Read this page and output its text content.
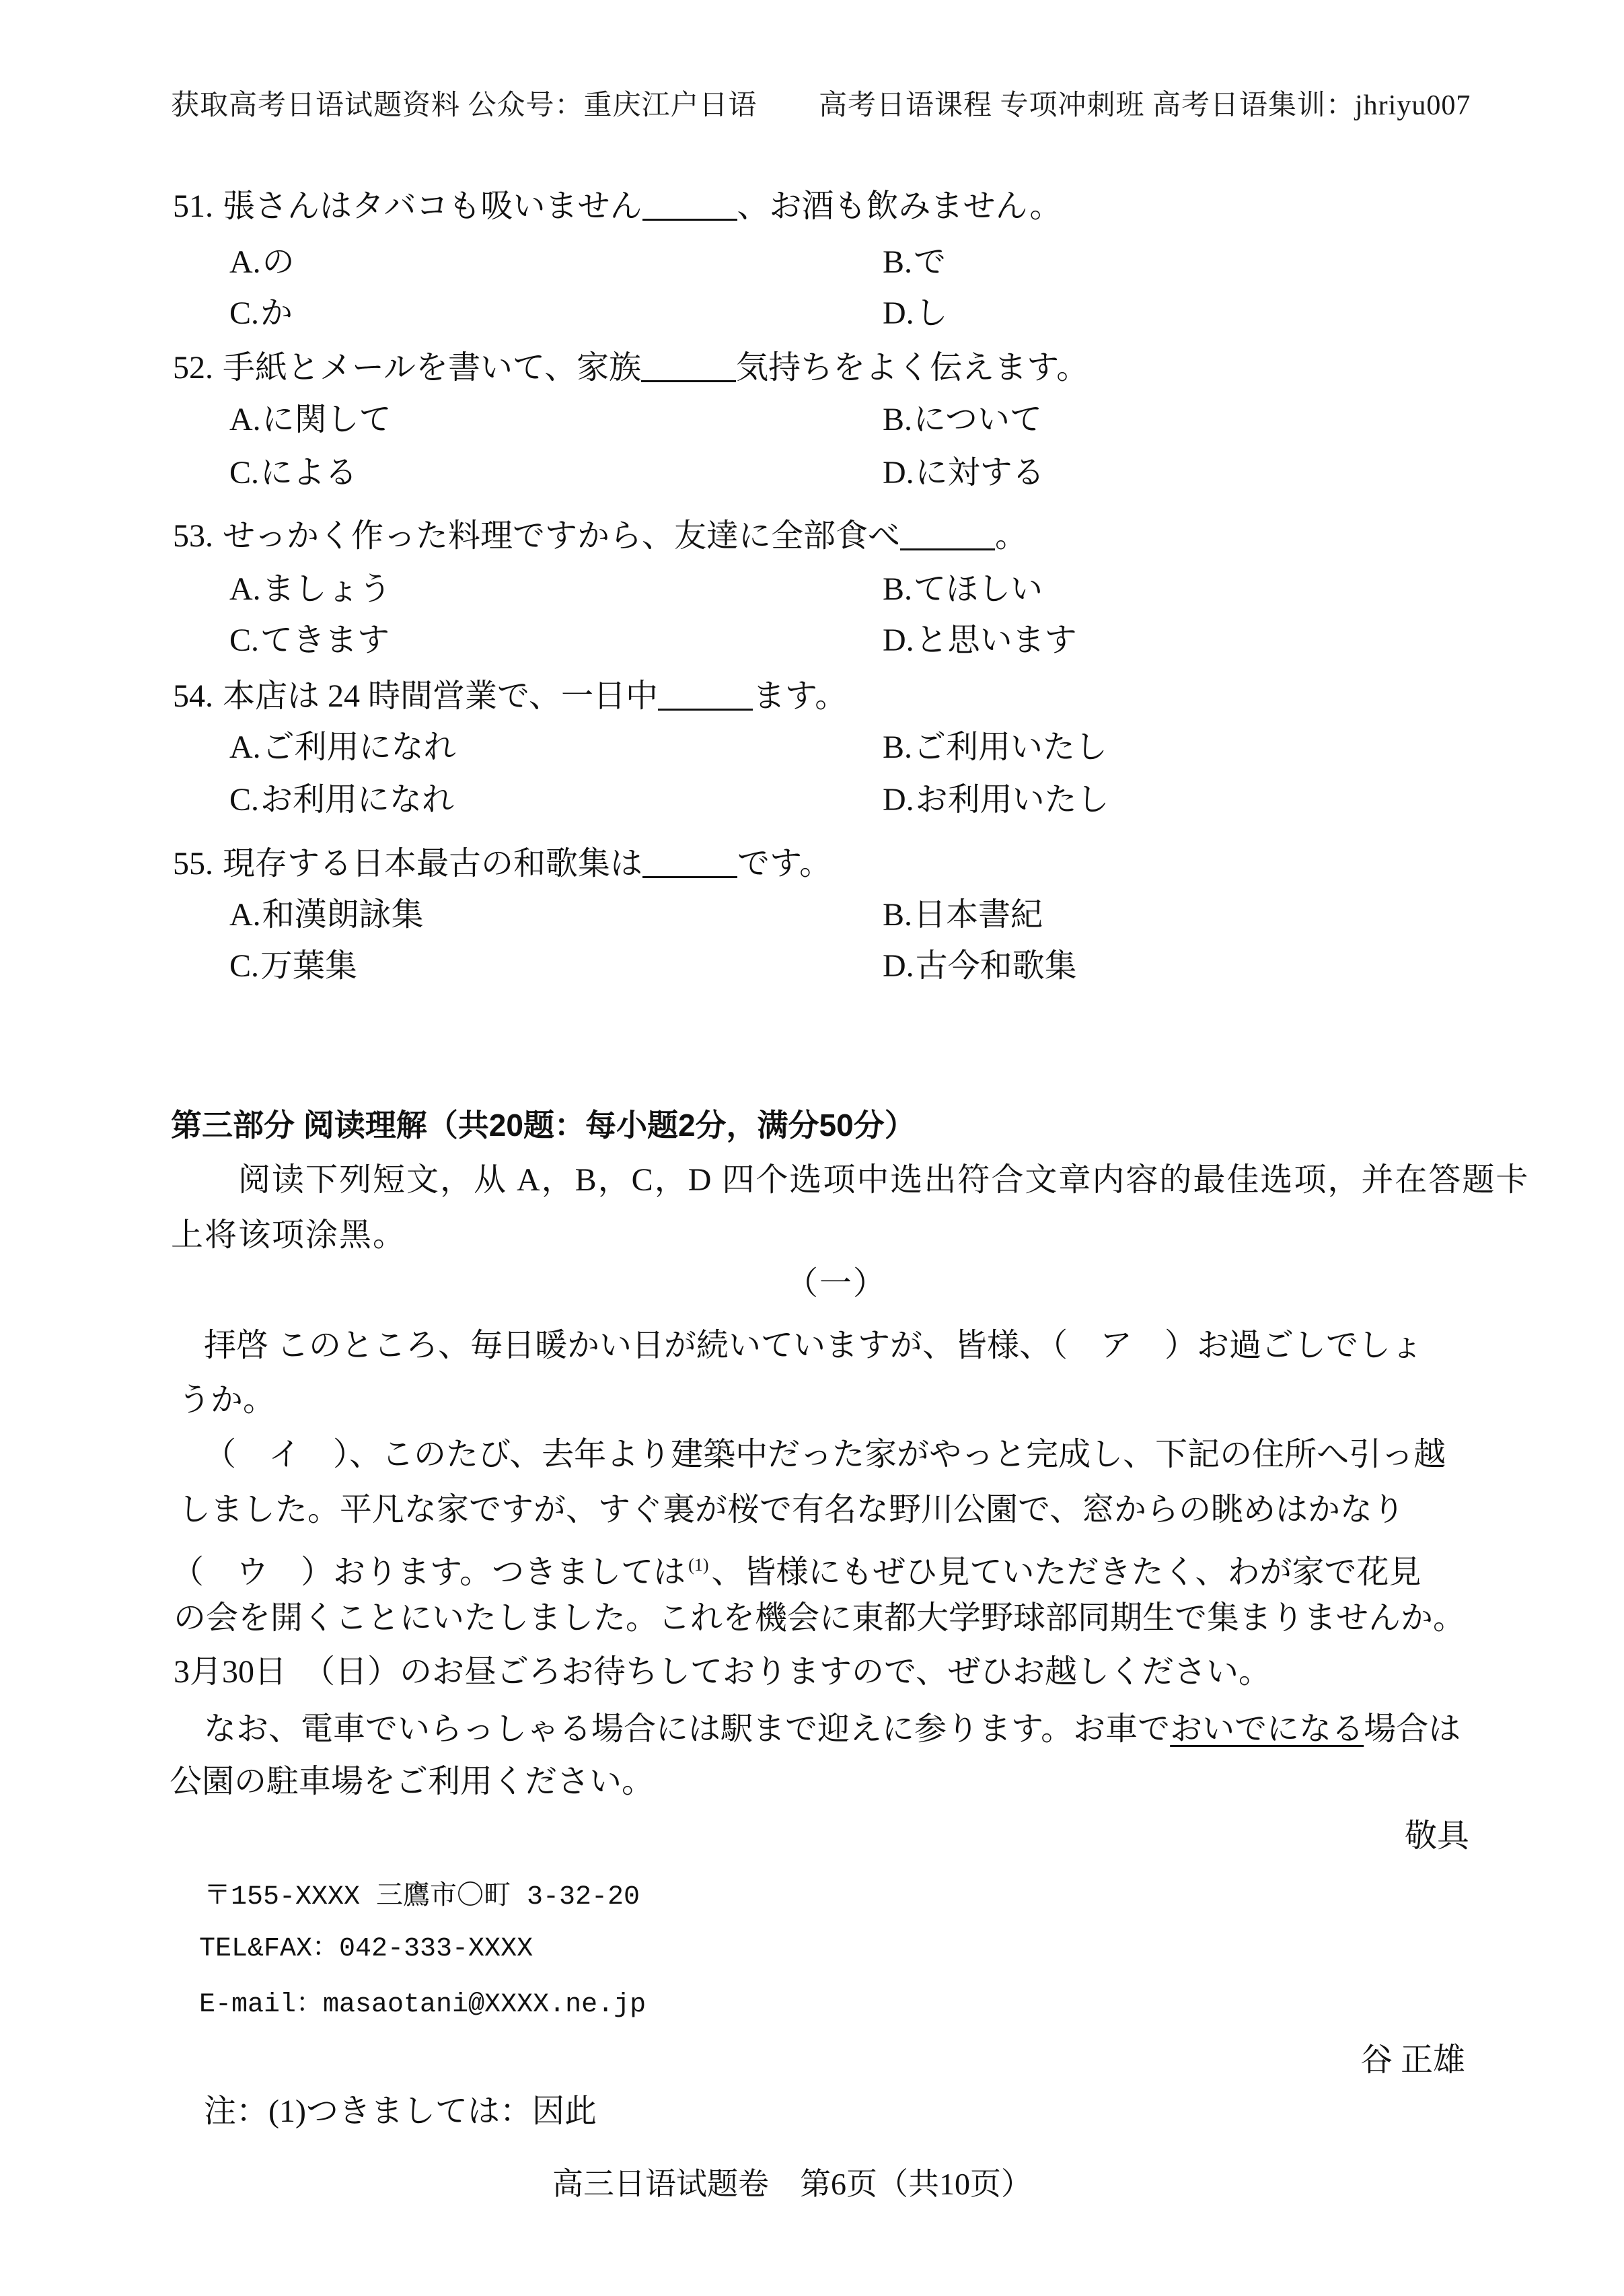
获取高考日语试题资料 公众号：重庆江户日语 高考日语课程 专项冲刺班 高考日语集训：jhriyu007
51. 張さんはタバコも吸いません	、お酒も飲みません。
A.の	B.で
C.か	D.し
52. 手紙とメールを書いて、家族	気持ちをよく伝えます。
A.に関して	B.について
C.による	D.に対する
53. せっかく作った料理ですから、友達に全部食べ	。
A.ましょう	B.てほしい
C.てきます	D.と思います
54. 本店は 24 時間営業で、一日中	ます。
A.ご利用になれ	B.ご利用いたし
C.お利用になれ	D.お利用いたし
55. 現存する日本最古の和歌集は	です。
A.和漢朗詠集	B.日本書紀
C.万葉集	D.古今和歌集
第三部分 阅读理解（共20题：每小题2分，满分50分）
阅读下列短文，从 A，B，C，D 四个选项中选出符合文章内容的最佳选项，并在答题卡
上将该项涂黑。
（一）
拝啓 このところ、毎日暖かい日が続いていますが、皆様、（　ア　）お過ごしでしょ
うか。
（　イ　）、このたび、去年より建築中だった家がやっと完成し、下記の住所へ引っ越
しました。平凡な家ですが、すぐ裏が桜で有名な野川公園で、窓からの眺めはかなり
（　ウ　）おります。つきましては $^{(1)}$、皆様にもぜひ見ていただきたく、わが家で花見
の会を開くことにいたしました。これを機会に東都大学野球部同期生で集まりませんか。
3月30日　（日）のお昼ごろお待ちしておりますので、ぜひお越しください。
なお、電車でいらっしゃる場合には駅まで迎えに参ります。お車でおいでになる場合は
公園の駐車場をご利用ください。
敬具
〒155-XXXX 三鷹市〇町 3-32-20
TEL&FAX：042-333-XXXX
E-mail：masaotani@XXXX.ne.jp
谷 正雄
注：(1)つきましては：因此
高三日语试题卷　第6页（共10页）
